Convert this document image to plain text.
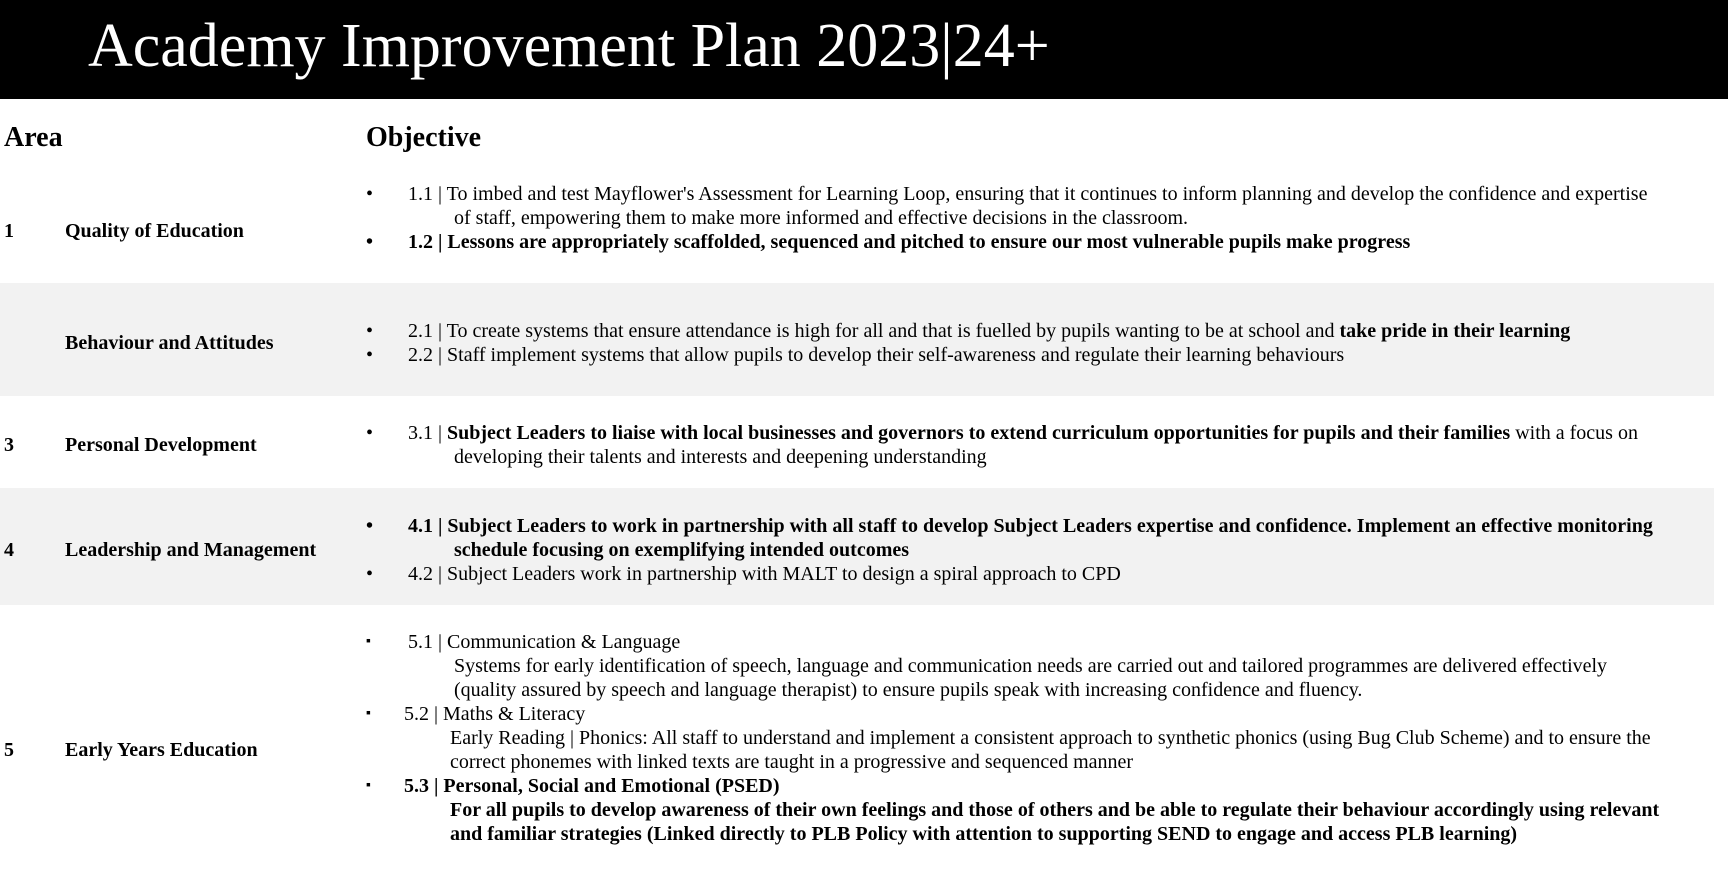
Academy Improvement Plan 2023|24+
Area	Objective
1	Quality of Education
•	1.1 | To imbed and test Mayflower's Assessment for Learning Loop, ensuring that it continues to inform planning and develop the confidence and expertise of staff, empowering them to make more informed and effective decisions in the classroom.
•	1.2 | Lessons are appropriately scaffolded, sequenced and pitched to ensure our most vulnerable pupils make progress
Behaviour and Attitudes
•	2.1 | To create systems that ensure attendance is high for all and that is fuelled by pupils wanting to be at school and take pride in their learning
•	2.2 | Staff implement systems that allow pupils to develop their self-awareness and regulate their learning behaviours
3	Personal Development
•	3.1 | Subject Leaders to liaise with local businesses and governors to extend curriculum opportunities for pupils and their families with a focus on developing their talents and interests and deepening understanding
4	Leadership and Management
•	4.1 | Subject Leaders to work in partnership with all staff to develop Subject Leaders expertise and confidence. Implement an effective monitoring schedule focusing on exemplifying intended outcomes
•	4.2 | Subject Leaders work in partnership with MALT to design a spiral approach to CPD
5	Early Years Education
▪	5.1 | Communication & Language
Systems for early identification of speech, language and communication needs are carried out and tailored programmes are delivered effectively (quality assured by speech and language therapist) to ensure pupils speak with increasing confidence and fluency.
▪	5.2 | Maths & Literacy
Early Reading | Phonics: All staff to understand and implement a consistent approach to synthetic phonics (using Bug Club Scheme) and to ensure the correct phonemes with linked texts are taught in a progressive and sequenced manner
▪	5.3 | Personal, Social and Emotional (PSED)
For all pupils to develop awareness of their own feelings and those of others and be able to regulate their behaviour accordingly using relevant and familiar strategies (Linked directly to PLB Policy with attention to supporting SEND to engage and access PLB learning)
